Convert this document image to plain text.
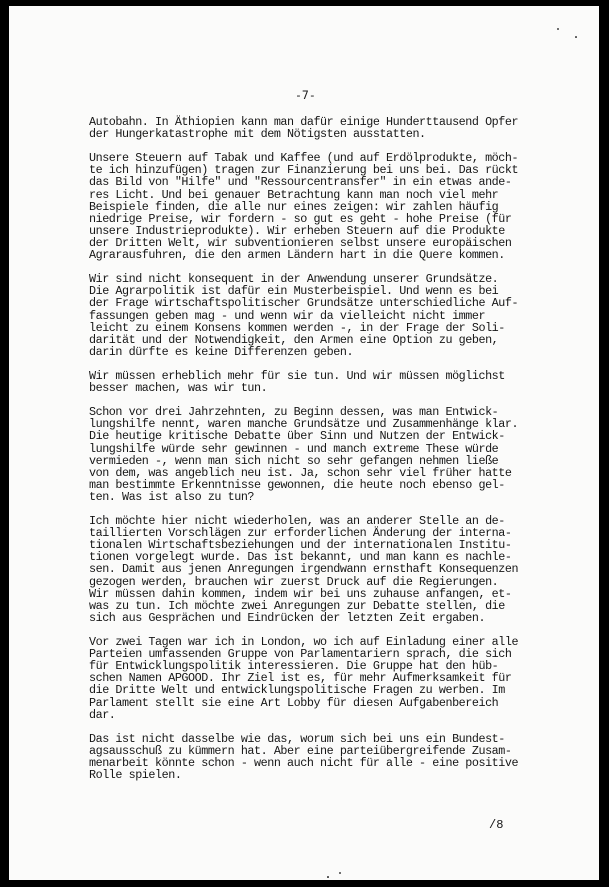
-7-
Autobahn. In Äthiopien kann man dafür einige Hunderttausend Opfer
der Hungerkatastrophe mit dem Nötigsten ausstatten.
Unsere Steuern auf Tabak und Kaffee (und auf Erdölprodukte, möch-
te ich hinzufügen) tragen zur Finanzierung bei uns bei. Das rückt
das Bild von "Hilfe" und "Ressourcentransfer" in ein etwas ande-
res Licht. Und bei genauer Betrachtung kann man noch viel mehr
Beispiele finden, die alle nur eines zeigen: wir zahlen häufig
niedrige Preise, wir fordern - so gut es geht - hohe Preise (für
unsere Industrieprodukte). Wir erheben Steuern auf die Produkte
der Dritten Welt, wir subventionieren selbst unsere europäischen
Agrarausfuhren, die den armen Ländern hart in die Quere kommen.
Wir sind nicht konsequent in der Anwendung unserer Grundsätze.
Die Agrarpolitik ist dafür ein Musterbeispiel. Und wenn es bei
der Frage wirtschaftspolitischer Grundsätze unterschiedliche Auf-
fassungen geben mag - und wenn wir da vielleicht nicht immer
leicht zu einem Konsens kommen werden -, in der Frage der Soli-
darität und der Notwendigkeit, den Armen eine Option zu geben,
darin dürfte es keine Differenzen geben.
Wir müssen erheblich mehr für sie tun. Und wir müssen möglichst
besser machen, was wir tun.
Schon vor drei Jahrzehnten, zu Beginn dessen, was man Entwick-
lungshilfe nennt, waren manche Grundsätze und Zusammenhänge klar.
Die heutige kritische Debatte über Sinn und Nutzen der Entwick-
lungshilfe würde sehr gewinnen - und manch extreme These würde
vermieden -, wenn man sich nicht so sehr gefangen nehmen ließe
von dem, was angeblich neu ist. Ja, schon sehr viel früher hatte
man bestimmte Erkenntnisse gewonnen, die heute noch ebenso gel-
ten. Was ist also zu tun?
Ich möchte hier nicht wiederholen, was an anderer Stelle an de-
taillierten Vorschlägen zur erforderlichen Änderung der interna-
tionalen Wirtschaftsbeziehungen und der internationalen Institu-
tionen vorgelegt wurde. Das ist bekannt, und man kann es nachle-
sen. Damit aus jenen Anregungen irgendwann ernsthaft Konsequenzen
gezogen werden, brauchen wir zuerst Druck auf die Regierungen.
Wir müssen dahin kommen, indem wir bei uns zuhause anfangen, et-
was zu tun. Ich möchte zwei Anregungen zur Debatte stellen, die
sich aus Gesprächen und Eindrücken der letzten Zeit ergaben.
Vor zwei Tagen war ich in London, wo ich auf Einladung einer alle
Parteien umfassenden Gruppe von Parlamentariern sprach, die sich
für Entwicklungspolitik interessieren. Die Gruppe hat den hüb-
schen Namen APGOOD. Ihr Ziel ist es, für mehr Aufmerksamkeit für
die Dritte Welt und entwicklungspolitische Fragen zu werben. Im
Parlament stellt sie eine Art Lobby für diesen Aufgabenbereich
dar.
Das ist nicht dasselbe wie das, worum sich bei uns ein Bundest-
agsausschuß zu kümmern hat. Aber eine parteiübergreifende Zusam-
menarbeit könnte schon - wenn auch nicht für alle - eine positive
Rolle spielen.
/8
